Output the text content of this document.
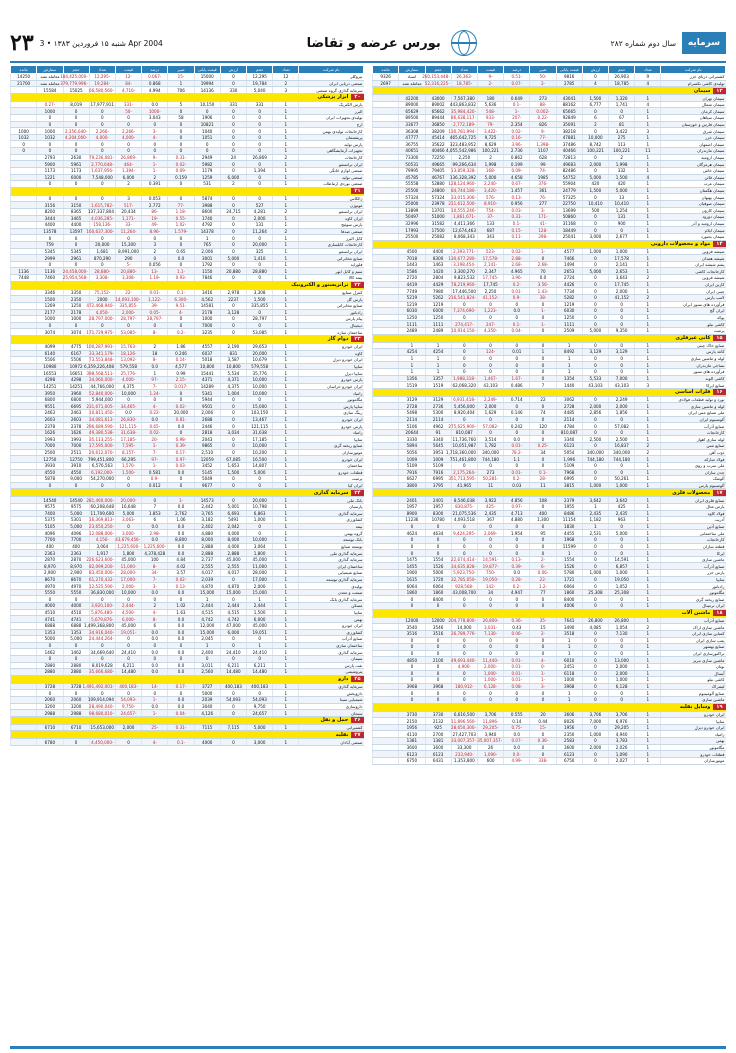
۲۳ شنبه ۱۵ فروردین ۱۳۸۳ • 3 Apr 2004	بورس عرضه و تقاضا	سال دوم شماره ۲۸۲	سرمایه
نام شرکت	تعداد	حجم	ارزش	قیمت پایانی	تغییر	درصد	قیمت	تعداد	حجم	سفارش	مانده
نیروکلر	12	12,295	0	15000	-15	-0.067	-12	-12,295	-184,425,000	معامله نشد	14250
صنعتی دریایی ایران	2	19,784	0	19994	1	0.868	-84	-19,284	-379,779,996	معامله نشد	21700
سرمایه گذاری گروه صنعتی	3	5,040	330	14136	706	4.994	-4,710	-66,580,560	15025	15584	

۲۰
ابزار پزشکی											

پارس الکتریک	1	331	331	10,150	5	0.0	-331	17,977,911	8,019	-0.27	
البرز	1	0	0	0	0	-1000	-50	0	0	1000	
تولیدی تجهیزات ایران	1	0	0	1906	58	3.043	0	0	0	0	
ارج	1	0	0	10821	0	0	0	0	0	0	
کارخانجات تولیدی بهمن	1	0	0	1040	0	-3	-2,266	-2,266	-2,356,640	1000	1000
پریفشمان	1	0	0	1051	0	-4	-4,000	-4,000	-4,204,000	1032	1032
پارس تولید	1	0	0	0	0	0	0	0	0	0	0
تجهیزات آزمایشگاهی	1	0	0	0	0	0	0	0	0	0	0
کارخانجات	2	26,869	24	2949	-0.31	-9	-26,869	-79,236,081	2630	2793	
ایران ترانسفو	1	0	0	5982	-0.02	-1	-464	-2,770,648	5961	5900	
صنعتی لوازم خانگی	1	1,394	0	1179	-0.09	-1	-1,394	-1,637,956	1173	1173	
صنعتی تولید	1	0	6,000	1259	0.159	2	6,000	7,548,000	6000	1221	
صنعتی نوردی ارتباطات	1	0	2	531	0	0.391	2	0	0	0	

۲۱											

ژالکاس	1	0	0	5874	0	0.053	3	0	0	0	
موتوژن	1	527	0	3988	-77	2.772	-517	-1,615,782	3150	3156	
ایران ترانسفو	2	4,281	24,715	8600	-1.18	-86	20,434	137,337,804	8365	8200	
ایران کاوه	1	2,000	0	1740	-0.55	-19	-1,171	-4,036,285	3465	3444	
پارس سوئیچ	1	131	0	4792	-1.02	-49	-33	-158,136	4400	4400	
صنعتی صدفا	2	11,264	0	14378	-1.579	-8.96	-11,264	-160,637,300	13597	13578	
کابل البرز	1	0	0	1	0	0	0	0	0	0	
کارخانجات کابلسازی	1	20,000	0	765	0	3	15,300	20,000	0	759	
ایران ترانسفو	1	325	0	2,006	0.65	2	8,991,000	1,681	5345	5345	
صنایع مخابراتی	1	1,410	5,000	3001	0.0	0	290	870,290	2961	2999	
فلوراید	1	0	0	1792	0	0.056	-5	0	0	0	
سیم و کابل ابهر	1	28,880	20,880	1150	-1.1	-13	-20,880	-28,880	-24,458,000	1136	1136
بیمه کالا	1	0	0	7846	-0.93	-1.19	-3,308	-3,308	-25,954,568	7460	7448

۲۲
ترانزیستور و الکترونیک											

کنترل صنایع	1	3,308	2,978	3416	-0.1	-0.01	-22	-75,152	3350	3346	
پارس گل	1	1,500	2237	4,562	-6.300	-1,122	-14,093,100	2000	2350	1500	
صنایع مخابراتی	1	335,855	0	14581	-9.51	-39	-335,855	-472,468,940	1250	1269	
رادیاتور	1	0	3,128	2178	-4	-0.05	-2,000	-4,050	2178	2177	
پیام پارس	1	28,797	0	1000	0	-28,797	-28,797	-28,797,000	1000	1000	
دیجیتال	1	0	0	7000	0	0	0	0	0	0	
ساختمان سازه	1	53,085	0	3235	-0.2	-8	-53,085	-171,729,975	3074	3074	

۲۳
دوام گاز											

ایران خودرو	1	29,653	2,190	4557	1.86	2	-15,763	-100,287,991	4775	4099	
کاوه	1	20,000	831	6037	0.246	18	-18,126	-33,341,179	6167	6140	
ایران خودرو دیزل	1	10,679	3,587	5018	-0.14	-8	-13,092	-73,553,848	5506	5506	
سایپا	1	579,558	10,800	10,800	4,577	0.0	579,558	6,359,226,408	10972	10980	
سایپا دیزل	1	35,776	5,534	15441	0.99	1	-25,776	-398,568,511	16651	16553	
پارس خودرو	1	10,000	4,371	4371	-2.15	-97	-4,000	-34,060,000	4298	4298	
ایران خودرو خراسان	1	10,000	4,375	14289	-0.017	-7	4,375	44,766,000	14251	14251	
زامیاد	1	10,000	1,004	5341	0	-1.24	10,000	-52,840,000	3960	3950	
مگاموتور	1	0	0	5944	0	0	0	5,944,000	6800	6800	
سایپا پارس	1	15,000	0	9501	-0.02	-4	-34,465	-231,671,005	6695	9551	
رینگ سازی	1	103,150	0	2,006	20,000	-0.22	0.0	-10,811,450	2463	2463	
ایران خودرو	1	13,467	0	2688	-0.81	0.0	-26,830	-34,081,613	2603	2603	
پارس خودرو	1	121,115	0	2446	0.0	-0.65	-121,115	-296,689,590	2378	2378	
زامیاد	1	31,638	3,034	2818	0	-0.02	-31,638	-49,380,538	1626	1626	
سایپا	1	17,185	0	2043	-0.98	-20	-17,185	-35,113,255	1993	1993	
صنایع ریخته گری	1	10,000	0	9865	-0.39	-1	-7,595	-17,595,000	7000	7000	
موتورسازان	1	10,200	0	2,510	-0.17	-7	-8,157	-20,612,070	2511	2500	
ایران خودرو	1	16,500	67,085	12059	-0.97	-97	66,295	799,451,800	12750	12750	
ساختمان	1	14,807	1,653	3452	-0.03	-1	-1,570	6,576,563	3910	3930	
قطعات خودرو	1	5,000	1,500	5145	0.0	0.581	-1,500	-6,192,000	4550	4550	
پرمیت	1	0	0	5049	0	-0.9	0	54,270,000	9,000	5878	
ایران کیا	1	0	0	9677	0	0.012	0	0	0	0	

۲۴
سرمایه گذاری											

بانک ملی	1	20,000	0	14573	-1	0	-20,000	-281,460,000	14540	14540	
پارسیان	1	10,798	5,001	2,442	0.0	7	16,648	60,208,648	9575	9575	
سرمایه گذاری	1	6,863	6,693	3,765	2,762	1.853	5,000	11,709,600	5,000	7400	
کشاورزی	1	1,000	5491	3,182	1.06	6	-3,063	-16,369,813	5301	5375	
بیمه	1	0	2,042	2,402	0.0	0.0	0	-23,650,250	5,000	5105	
گروه بهمن	1	0	4,000	4,880	0.0	-2.98	-3,000	-12,088,000	4096	4096	
بانک توسعه	1	10,000	8,000	8,000	8,800	0.0	-43,679,456	-4,156	7700	7700	
توسعه صنایع	1	3,064	4,000	2,888	0.0	-1,225,600	-1,225,600	3,064	400	400	
سرمایه گذاری ملی	1	1,800	2,888	2,888	0.0	4,378,428	1,800	1,917	2363	2363	
سرمایه گذاری	1	45,000	45,000	2,737	4.84	100	45,000	-226,623,600	2870	2870	
ساختمان ایران	1	11,000	2,555	2,555	4.02	-8	-11,000	-82,099,200	8,970	8,970	
صنایع شیمیایی	1	28,000	4,017	4,017	3.57	-34	-28,000	-83,450,000	2,900	2,900	
سرمایه گذاری توسعه	1	17,000	0	2,039	-0.02	-7	-17,000	-61,270,432	8670	8670	
تولیدی	1	2,000	4,870	4,870	-0.13	-3	-2,000	-12,525,590	4970	4970	
صنعت و معدن	1	15,000	15,000	15,000	0.0	0.0	10,000	36,830,000	5550	5550	
سرمایه گذاری بانک	1	1	0	1	0	0	0	0	0	0	
مسکن	1	2,444	2,444	2,444	1.02	2	-2,444	-3,920,100	4000	4000	
سایپا	1	1,500	4,515	4,515	1.63	-4	-4,500	-5,876,480	4510	4510	
بهمن	1	6,000	4,742	4,742	0.0	-8	-6,000	-5,679,876	4741	4741	
ایران خودرو	1	45,000	47,000	12,000	0.0	6	45,000	1,499,368,800	6888	6888	
کشاورزی	1	19,051	6,000	15,000	0.0	0.0	-19,051	-34,916,040	1353	1353	
صنایع آذرآب	1	0	0	2,045	0.0	0.0	0	-24,444,264	5,000	5000	
ساختمان سازی	1	1	0	1	0	0	0	0	0	0	
سرمایه گذاری	1	24,410	24,410	2,400	0.0	0.0	24,410	34,669,640	1462	1462	
سیمان	1	0	0	0	0	0	0	0	0	0	
نفت پارس	1	6,211	6,211	3,011	0.0	0.0	6,211	8,019,628	2880	2880	
پتروشیمی	1	14,480	14,480	2,560	0.0	0.0	14,480	-35,666,680	2880	2880	

۲۵
دارو											

سرمایه گذاری	1	400,183	400,183	3727	-0.17	-14	-400,183	-1,491,492,001	3728	3728	
داروپخش	1	0	0	5000	0	0	0	0	0	0	
شیمیایی سینا	1	54,093	54,093	2039	0.0	-1	-54,093	109,914,094	2060	2060	
داروسازی	1	9,750	0	3040	0.0	0.0	-9,750	-28,490,040	3200	3200	
سبحان	1	24,657	0	4,126	-0.04	-1	-24,657	-98,680,010	2988	2988	

۲۶
حمل و نقل											

کشتیرانی	1	5,000	7,115	7115	-0.31	-25	2,000	15,653,000	6710	6710	

۲۷
نقلیه											

صنعتی آبادان	1	3,000	0	4000	-0.1	-4	0	-4,450,000	0	6780	
نام شرکت	تعداد	حجم	ارزش	قیمت پایانی	تغییر	درصد	قیمت	تعداد	حجم	سفارش	مانده
کشتیرانی دریای خزر	9	26,903	0	9816	-50	-0.51	-9	-26,363	-260,153,448	اسناد	9326
تولیدی کاشی تکسرام	4	18,785	4	2785	-2	-0.07	-2	-18,785	-52,316,225	معامله نشد	2697

۱۳
سیمان											

سیمان تهران	1	1,320	1,500	43041	273	0.649	180	7,567,380	43000	42200	
سیمان شمال	4	1,741	6,777	88162	-88	-0.1	5,636	443,863,832	89002	89000	
سیمان کرمان	1	0	0	65665	-0.002	-1	-548	-35,984,420	65662	65629	
سیمان سپاهان	1	67	6	92849	-0.22	-207	-933	-86,638,117	89444	89500	
سیمان فارس و خوزستان	1	81	2	35091	826	2.354	-79	-2,772,189	36850	33677	
سیمان شرق	3	3,422	0	38218	-9	-0.02	-3,422	-130,781,994	38209	36308	
سیمان خزر	1	275	10,000	47881	-77	-0.16	9,725	465,642,725	45414	47777	
سیمان اصفهان	1	113	8,742	37486	-1,398	-3.96	8,629	323,483,952	35622	36755	
سیمان مازندران	11	100,221	100,221	40466	1107	2.736	100,221	4,055,542,986	40466	40651	
سیمان ارومیه	1	2	0	72813	628	0.862	2	2,250	72250	73300	
سیمان هرمزگان	1	1,998	2,000	49683	99	0.199	1,998	99,266,634	49665	50531	
سیمان خاش	1	332	0	82486	-74	-0.09	-168	-13,859,328	79405	79995	
سیمان قائن	4	1,500	5,000	54752	1985	4.658	5,000	136,328,392	46767	45785	
سیمان غرب	1	420	420	55904	-376	-0.67	-2,240	-128,124,960	52880	55558	
سیمان هگمتان	1	5,000	1,500	24779	361	1.457	-3,420	-84,744,180	24800	25500	
سیمان بهبهان	1	13	0	57325	-76	-0.13	-576	-33,015,306	57324	57324	
سیمان صوفیان	1	10,410	10,410	22750	277	0.956	-8,910	-211,612,500	23978	25000	
سیمان کارون	1	1,254	500	13699	-3	-0.03	-754	-10,555,246	13701	13899	
سیمان دورود	1	131	0	50860	-171	-0.31	-37	-1,861,671	51000	50497	
سیمان ارومیه و آذر	1	900	0	31168	-41	-0.1	133	4,411,366	31582	32996	
سیمان ایلام	1	0	0	18449	-128	-0.15	687	12,674,463	17500	17993	
سیمان بجنورد	1	2,677	3,000	25041	-298	-0.11	343	8,068,343	25082	25500	

۱۴
مواد و محصولات دارویی											

شیشه قزوین	1	1,000	1,000	4577	-1	-0.02	-523	-2,393,771	4400	4500	
شیشه همدان	1	17,578	0	7466	0	-2.88	-17,578	-130,677,280	8300	7018	
پشم شیشه ایران	1	2,141	0	1494	-2.68	-2.68	-2,141	-3,198,454	1463	1443	
کارخانجات کاشی	1	2,653	5,000	2653	70	4.965	2,347	3,300,270	1420	1586	
شیشه قزوین	2	3,643	0	2724	0.0	-3.96	-17,745	9,823,532	2804	2720	
کارتن ایران	1	17,745	0	4426	-3.56	-0.2	17,745	-78,219,960	4429	4419	
چینی ایران	1	2,000	0	7734	-1.43	-0.01	2,250	17,446,500	7980	7749	
لامپ پارس	2	41,152	0	5282	-38	-0.9	-41,152	-216,541,824	5262	5219	
فرآورده های نسوز ایران	1	0	0	1219	0	0	0	0	1219	1219	
ایران گچ	1	0	0	6030	-1	0.0	-1,223	-7,374,690	6000	6030	
پوکه	1	0	0	1250	0	0	0	0	1250	1250	
کاشی نیلو	1	0	0	1111	-1	-0.1	-247	-274,417	1111	1111	
پرمیت	1	9,350	5,000	2509	0	-0.04	-4,350	-10,914,150	2489	2489	

۱۵
کانی غیرفلزی											

صنایع خاک چینی	1	0	0	1	0	0	0	0	1	1	
کاغذ پارس	1	3,129	3,129	8492	1	0.01	-124	0	4254	4254	
لوله و ماشین سازی	1	0	0	1	0	0	0	0	1	1	
نساجی مازندران	1	0	0	1	0	0	0	0	1	1	
فرآورده های نسوز	1	0	0	1	0	0	0	0	1	1	
کاشی الوند	1	7,000	5,533	1354	0	-1.67	-1,467	-1,988,318	1357	1356	
صنایع ایرکا	3	43,103	43,103	1440	7	0.486	43,103	62,068,320	1519	1519	

۱۶
فلزات اساسی											

نورد و تولید قطعات فولادی	1	2,249	0	3062	22	0.714	-2,249	-6,931,418	3129	3129	
لوله و ماشین سازی	1	2,000	2,000	2728	0	0	2,000	5,456,000	2736	2728	
ملی صنایع مس ایران	1	1,856	2,856	4485	74	0.146	1,629	8,920,404	5300	5498	
آلومینیوم ایران	1	0	0	2114	0	0	0	0	2114	2114	
صنایع آذرآب	1	57,082	0	4784	120	0.242	-57,082	-275,625,900	4962	5106	
کارخانجات	1	0	0	810,087	0	0	0	810,087	91	20644	
لوله سازی اهواز	1	2,500	2,500	3340	0	0.0	3,514	11,736,760	3340	3330	
صنایع مس	2	16,837	0	6123	-0.25	-0.01	1,782	10,051,987	5645	5894	
ذوب آهن	2	340,000	340,000	5054	34	-78.2	340,000	1,718,360,000	3953	5056	
فولاد مبارکه	1	744,180	744,180	1,996	0	1.1	744,180	751,461,800	1009	1009	
ملی سرب و روی	1	0	0	5109	0	0	0	0	5109	5109	
چدن سازان	1	0	0	7968	-0.1	-0.01	273	-2,175,264	7916	7916	
آلومتک	1	50,261	0	6995	-28	-0.2	-50,281	-351,713,595	6995	6627	
آلومینیوم پارس	1	1,000	1,000	3815	11	0.03	11	41,965	3795	3800	

۱۷
محصولات فلزی											

صنایع فلزی ایران	1	3,642	3,642	2379	108	4.856	3,922	8,546,038	2401	2401	
پارس متال	1	425	1	1955	0	-0.97	-425	-830,875	1957	1957	
فولاد کاوه	1	2,435	2,435	8486	400	4.713	2,435	21,075,536	8300	8900	
آذریت	1	963	1,182	11154	1,300	4.880	367	4,093,518	10780	11236	
صنایع آذین	1	0	1	1830	0	0	0	0	0	0	
ملی ساختمانی	1	5,000	2,531	4455	95	1.954	-2,069	-9,424,295	4634	4624	
کارخانجات	1	0	0	1968	0	0	0	0	0	0	
قطعه سازان	1	0	0	11599	0	0	0	0	0	0	
ایرکا	1	0	0	1	0	0	0	0	0	0	
ماشین سازی	1	14,591	0	1554	-2	-0.13	-14,591	-22,674,414	1554	1475	
صنایع آذرآب	1	6,857	0	1526	-6	-0.39	-19,877	-34,635,828	1526	1455	
پارس خزر	1	1,000	1,000	5780	-0.06	0.0	-750	-5,923,750	5000	1900	
سایپا	1	19,050	0	1721	-22	-0.28	-19,050	-32,785,050	1720	1615	
رادیاتور	1	1,052	0	6064	-1.2	-0.2	-142	-928,568	6064	6064	
مگاموتور	1	25,308	25,308	1860	77	4.947	34	43,008,700	1860	1860	
صنایع ریخته گری	1	0	0	8400	0	0	0	0	8400	0	
ایران ترمینال	1	0	0	4006	0	0	0	0	0	0	

۱۸
ماشین آلات											

صنایع آذرآب	1	26,800	26,800	7641	-35	-0.36	-26,800	-204,778,800	12000	12000	
ماشین سازی اراک	2	1,054	4,085	3490	15	0.43	-3,031	14,000	3546	3540	
کمباین سازی ایران	1	7,130	0	3518	-2	-0.06	-7,130	-26,789,776	3516	3516	
پمپ سازی ایران	1	0	0	1	0	0	0	0	0	0	
صنایع بهشهر	1	0	0	1	0	0	0	0	0	0	
تراکتورسازی ایران	1	0	0	1	0	0	0	0	0	0	
ماشین سازی تبریز	1	13,000	0	6010	-4	-0.01	-11,440	-49,693,440	2100	4850	
بوتان	1	2,000	0	2451	-0	-0.01	-2,000	-4,900	0	0	
آبسال	1	2,000	0	6118	-1	-0.01	-1,000	0	0	0	
کاشی نیلو	1	1,000	0	1000	-1	-0.01	-1,000	0	0	0	
لیفتراک	1	6,128	0	3968	-3	-0.08	-6,128	-180,912	3968	3968	
صنایع آلومینیوم	1	0	0	1	0	0	0	0	0	0	
ماشین سازی	1	0	0	1	0	0	0	0	0	0	

۱۹
وسایل نقلیه											

ایران خودرو	1	3,706	3,706	3606	20	0.555	3,706	6,616,500	3730	3730	
سایپا	1	6,976	7,000	8026	0.44	0.14	-11,896	-11,896,560	2132	2150	
ایران خودرو دیزل	1	29,205	0	1956	-15	-0.75	-29,205	-28,650,300	925	1956	
زامیاد	1	4,940	1,000	2350	0	0.0	3,940	27,427,703	2700	4110	
بهمن	1	3,783	0	2583	-0.36	-0.07	-35,007,357	-33,007,357	1381	1381	
مگاموتور	1	2,026	2,000	3600	0	0.0	26	33,300	3600	3600	
قطعات خودرو	1	1,090	0	6123	0	-0.0	-1,090	-233,940	6123	6123	
موتورسازان	1	2,027	0	6750	-338	-4.99	600	1,353,800	6431	6750	
